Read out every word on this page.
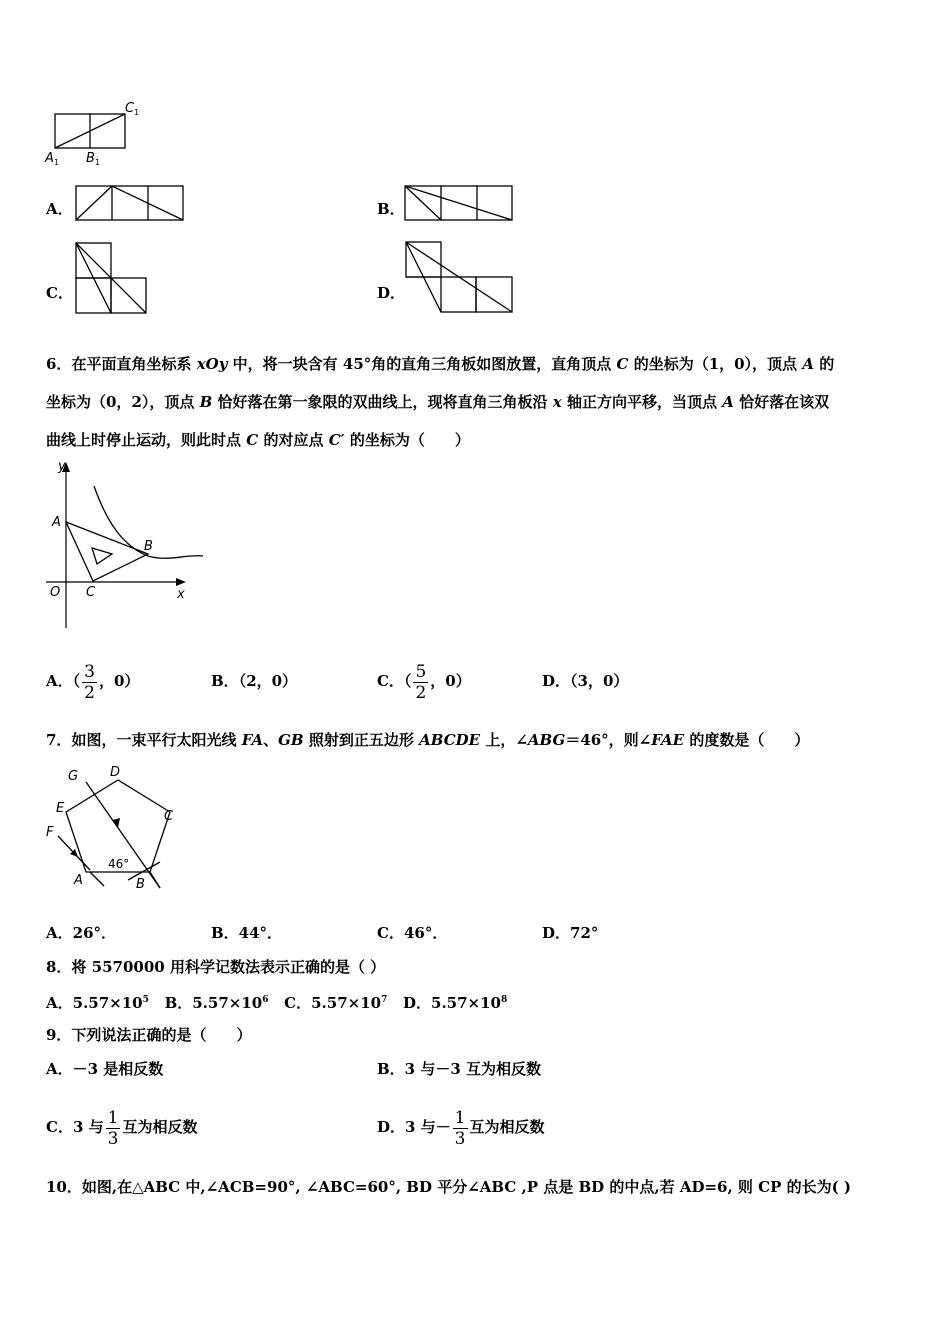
C 1
A 1 B 1
A．	B．
C．	D．
6．在平面直角坐标系 xOy 中，将一块含有 45°角的直角三角板如图放置，直角顶点 C 的坐标为（1，0），顶点 A 的
坐标为（0，2），顶点 B 恰好落在第一象限的双曲线上，现将直角三角板沿 x 轴正方向平移，当顶点 A 恰好落在该双
曲线上时停止运动，则此时点 C 的对应点 C′ 的坐标为（　　）
y
x
O
A
B
C
A．（ $\frac{3}{2}$ ，0）	B．（2，0）	C．（ $\frac{5}{2}$ ，0）	D．（3，0）
7．如图，一束平行太阳光线 FA、GB 照射到正五边形 ABCDE 上，∠ABG＝46°，则∠FAE 的度数是（　　）
G D
E
C
F
A	B
46°
A．26°．	B．44°．	C．46°．	D．72°
8．将 5570000 用科学记数法表示正确的是（ ）
A．$5.57\times 10^5$ B．$5.57\times 10^6$ C．$5.57\times 10^7$ D．$5.57\times 10^8$
9．下列说法正确的是（　　）
A．－3 是相反数	B．3 与－3 互为相反数
C．3 与 $\frac{1}{3}$ 互为相反数	D．3 与－ $\frac{1}{3}$ 互为相反数
10．如图,在△ABC 中,∠ACB=90°, ∠ABC=60°, BD 平分∠ABC ,P 点是 BD 的中点,若 AD=6, 则 CP 的长为( )
